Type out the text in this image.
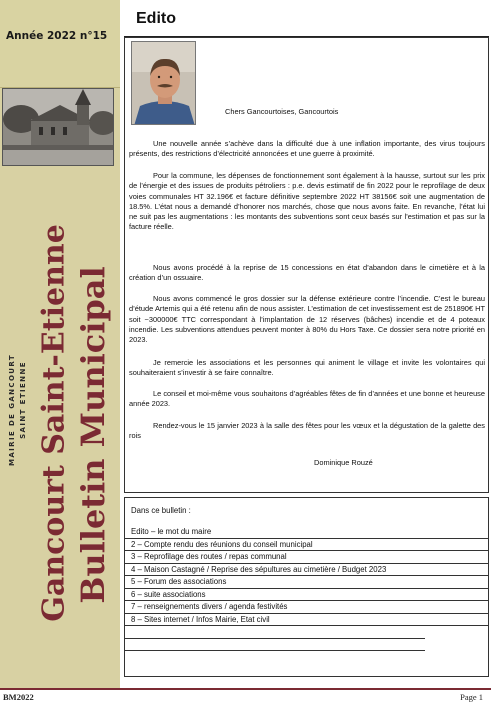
Année 2022 n°15
Gancourt Saint-Etienne Bulletin Municipal
MAIRIE DE GANCOURT SAINT ETIENNE
Edito
Chers Gancourtoises, Gancourtois

Une nouvelle année s’achève dans la difficulté due à une inflation importante, des virus toujours présents, des restrictions d’électricité annoncées et une guerre à proximité.

Pour la commune, les dépenses de fonctionnement sont également à la hausse, surtout sur les prix de l’énergie et des issues de produits pétroliers : p.e. devis estimatif de fin 2022 pour le reprofilage de deux voies communales HT 32.196€ et facture définitive septembre 2022 HT 38156€ soit une augmentation de 18.5%. L’état nous a demandé d’honorer nos marchés, chose que nous avons faite. En revanche, l’état lui ne suit pas les augmentations : les montants des subventions sont ceux basés sur l’estimation et pas sur la facture réelle.

Nous avons procédé à la reprise de 15 concessions en état d’abandon dans le cimetière et à la création d’un ossuaire.

Nous avons commencé le gros dossier sur la défense extérieure contre l’incendie. C’est le bureau d’étude Artemis qui a été retenu afin de nous assister. L’estimation de cet investissement est de 251890€ HT soit ~300000€ TTC correspondant à l’implantation de 12 réserves (bâches) incendie et de 4 poteaux incendie. Les subventions attendues peuvent monter à 80% du Hors Taxe. Ce dossier sera notre priorité en 2023.

Je remercie les associations et les personnes qui animent le village et invite les volontaires qui souhaiteraient s’investir à se faire connaître.

Le conseil et moi-même vous souhaitons d’agréables fêtes de fin d’années et une bonne et heureuse année 2023.

Rendez-vous le 15 janvier 2023 à la salle des fêtes pour les vœux et la dégustation de la galette des rois

Dominique Rouzé
Dans ce bulletin :
Edito – le mot du maire
2 – Compte rendu des réunions du conseil municipal
3 – Reprofilage des routes / repas communal
4 – Maison Castagné / Reprise des sépultures au cimetière / Budget 2023
5 – Forum des associations
6 – suite associations
7 – renseignements divers / agenda festivités
8 – Sites internet / Infos Mairie, Etat civil
BM2022	Page 1
